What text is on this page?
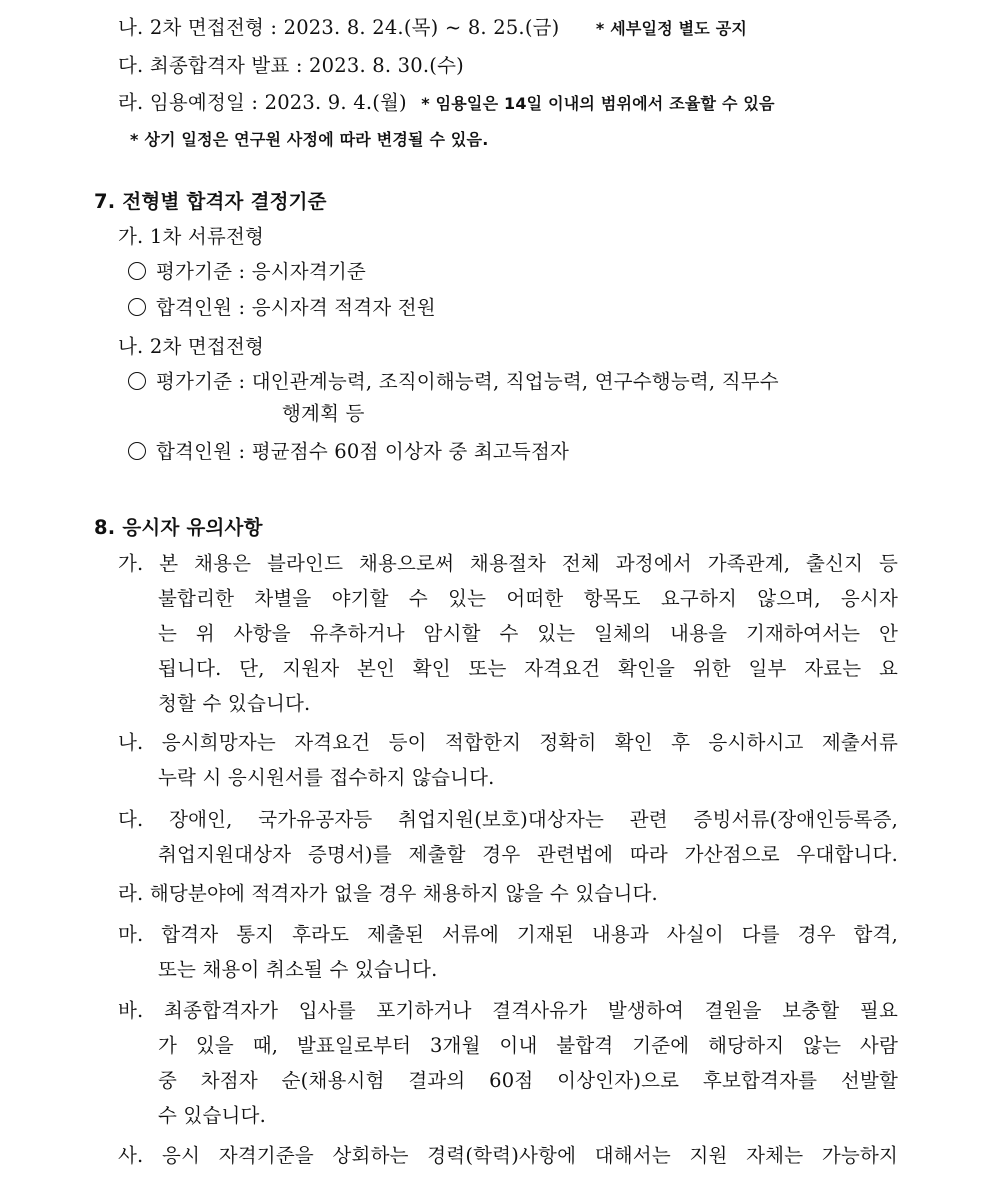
나. 2차 면접전형 : 2023. 8. 24.(목) ~ 8. 25.(금) * 세부일정 별도 공지
다. 최종합격자 발표 : 2023. 8. 30.(수)
라. 임용예정일 : 2023. 9. 4.(월) * 임용일은 14일 이내의 범위에서 조율할 수 있음
* 상기 일정은 연구원 사정에 따라 변경될 수 있음.
7. 전형별 합격자 결정기준
가. 1차 서류전형
평가기준 : 응시자격기준
합격인원 : 응시자격 적격자 전원
나. 2차 면접전형
평가기준 : 대인관계능력, 조직이해능력, 직업능력, 연구수행능력, 직무수
행계획 등
합격인원 : 평균점수 60점 이상자 중 최고득점자
8. 응시자 유의사항
가. 본 채용은 블라인드 채용으로써 채용절차 전체 과정에서 가족관계, 출신지 등
불합리한 차별을 야기할 수 있는 어떠한 항목도 요구하지 않으며, 응시자
는 위 사항을 유추하거나 암시할 수 있는 일체의 내용을 기재하여서는 안
됩니다. 단, 지원자 본인 확인 또는 자격요건 확인을 위한 일부 자료는 요
청할 수 있습니다.
나. 응시희망자는 자격요건 등이 적합한지 정확히 확인 후 응시하시고 제출서류
누락 시 응시원서를 접수하지 않습니다.
다. 장애인, 국가유공자등 취업지원(보호)대상자는 관련 증빙서류(장애인등록증,
취업지원대상자 증명서)를 제출할 경우 관련법에 따라 가산점으로 우대합니다.
라. 해당분야에 적격자가 없을 경우 채용하지 않을 수 있습니다.
마. 합격자 통지 후라도 제출된 서류에 기재된 내용과 사실이 다를 경우 합격,
또는 채용이 취소될 수 있습니다.
바. 최종합격자가 입사를 포기하거나 결격사유가 발생하여 결원을 보충할 필요
가 있을 때, 발표일로부터 3개월 이내 불합격 기준에 해당하지 않는 사람
중 차점자 순(채용시험 결과의 60점 이상인자)으로 후보합격자를 선발할
수 있습니다.
사. 응시 자격기준을 상회하는 경력(학력)사항에 대해서는 지원 자체는 가능하지
